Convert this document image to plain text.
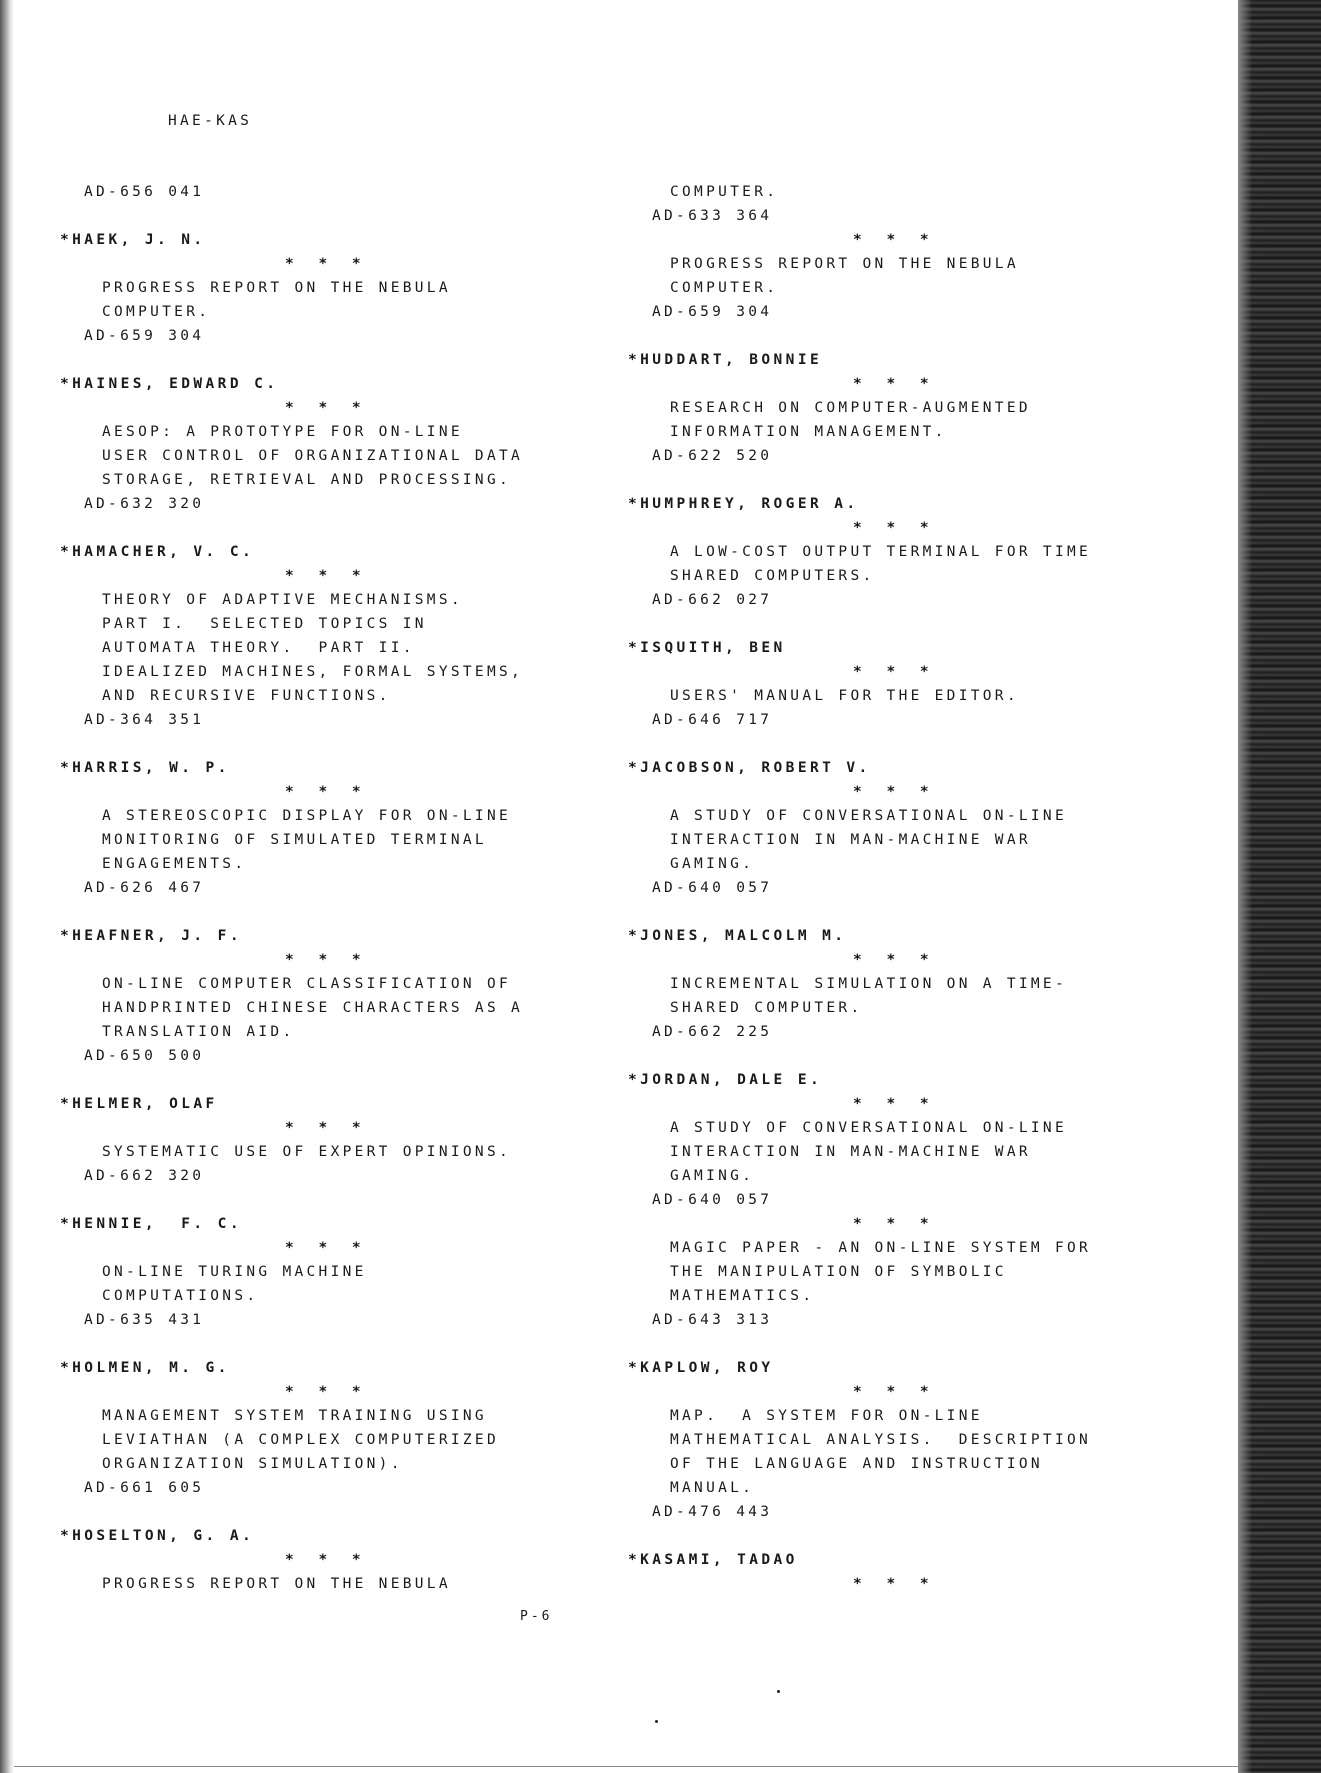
HAE-KAS
AD-656 041
*HAEK, J. N.
* * *
PROGRESS REPORT ON THE NEBULA
COMPUTER.
AD-659 304
*HAINES, EDWARD C.
* * *
AESOP: A PROTOTYPE FOR ON-LINE
USER CONTROL OF ORGANIZATIONAL DATA
STORAGE, RETRIEVAL AND PROCESSING.
AD-632 320
*HAMACHER, V. C.
* * *
THEORY OF ADAPTIVE MECHANISMS.
PART I.  SELECTED TOPICS IN
AUTOMATA THEORY.  PART II.
IDEALIZED MACHINES, FORMAL SYSTEMS,
AND RECURSIVE FUNCTIONS.
AD-364 351
*HARRIS, W. P.
* * *
A STEREOSCOPIC DISPLAY FOR ON-LINE
MONITORING OF SIMULATED TERMINAL
ENGAGEMENTS.
AD-626 467
*HEAFNER, J. F.
* * *
ON-LINE COMPUTER CLASSIFICATION OF
HANDPRINTED CHINESE CHARACTERS AS A
TRANSLATION AID.
AD-650 500
*HELMER, OLAF
* * *
SYSTEMATIC USE OF EXPERT OPINIONS.
AD-662 320
*HENNIE,  F. C.
* * *
ON-LINE TURING MACHINE
COMPUTATIONS.
AD-635 431
*HOLMEN, M. G.
* * *
MANAGEMENT SYSTEM TRAINING USING
LEVIATHAN (A COMPLEX COMPUTERIZED
ORGANIZATION SIMULATION).
AD-661 605
*HOSELTON, G. A.
* * *
PROGRESS REPORT ON THE NEBULA
COMPUTER.
AD-633 364
* * *
PROGRESS REPORT ON THE NEBULA
COMPUTER.
AD-659 304
*HUDDART, BONNIE
* * *
RESEARCH ON COMPUTER-AUGMENTED
INFORMATION MANAGEMENT.
AD-622 520
*HUMPHREY, ROGER A.
* * *
A LOW-COST OUTPUT TERMINAL FOR TIME
SHARED COMPUTERS.
AD-662 027
*ISQUITH, BEN
* * *
USERS' MANUAL FOR THE EDITOR.
AD-646 717
*JACOBSON, ROBERT V.
* * *
A STUDY OF CONVERSATIONAL ON-LINE
INTERACTION IN MAN-MACHINE WAR
GAMING.
AD-640 057
*JONES, MALCOLM M.
* * *
INCREMENTAL SIMULATION ON A TIME-
SHARED COMPUTER.
AD-662 225
*JORDAN, DALE E.
* * *
A STUDY OF CONVERSATIONAL ON-LINE
INTERACTION IN MAN-MACHINE WAR
GAMING.
AD-640 057
* * *
MAGIC PAPER - AN ON-LINE SYSTEM FOR
THE MANIPULATION OF SYMBOLIC
MATHEMATICS.
AD-643 313
*KAPLOW, ROY
* * *
MAP.  A SYSTEM FOR ON-LINE
MATHEMATICAL ANALYSIS.  DESCRIPTION
OF THE LANGUAGE AND INSTRUCTION
MANUAL.
AD-476 443
*KASAMI, TADAO
* * *
P-6
